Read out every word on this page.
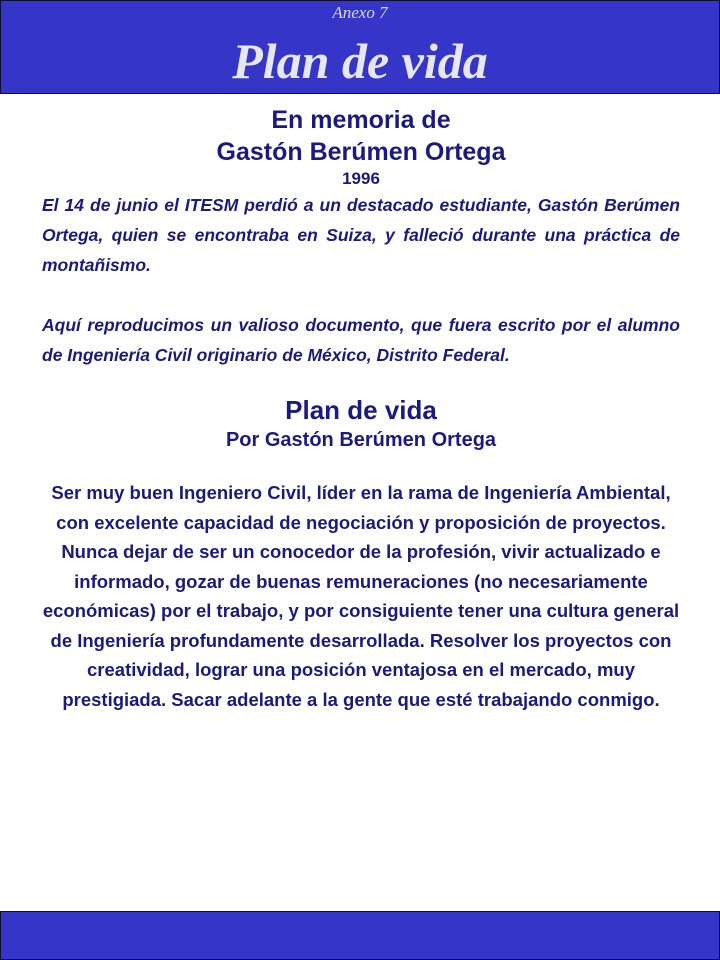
Anexo 7
Plan de vida

En memoria de

Gastón Berúmen Ortega

1996

El 14 de junio el ITESM perdió a un destacado estudiante, Gastón Berúmen Ortega, quien se encontraba en Suiza, y falleció durante una práctica de montañismo.

Aquí reproducimos un valioso documento, que fuera escrito por el alumno de Ingeniería Civil originario de México, Distrito Federal.

Plan de vida

Por Gastón Berúmen Ortega

Ser muy buen Ingeniero Civil, líder en la rama de Ingeniería Ambiental, con excelente capacidad de negociación y proposición de proyectos. Nunca dejar de ser un conocedor de la profesión, vivir actualizado e informado, gozar de buenas remuneraciones (no necesariamente económicas) por el trabajo, y por consiguiente tener una cultura general de Ingeniería profundamente desarrollada. Resolver los proyectos con creatividad, lograr una posición ventajosa en el mercado, muy prestigiada. Sacar adelante a la gente que esté trabajando conmigo.
